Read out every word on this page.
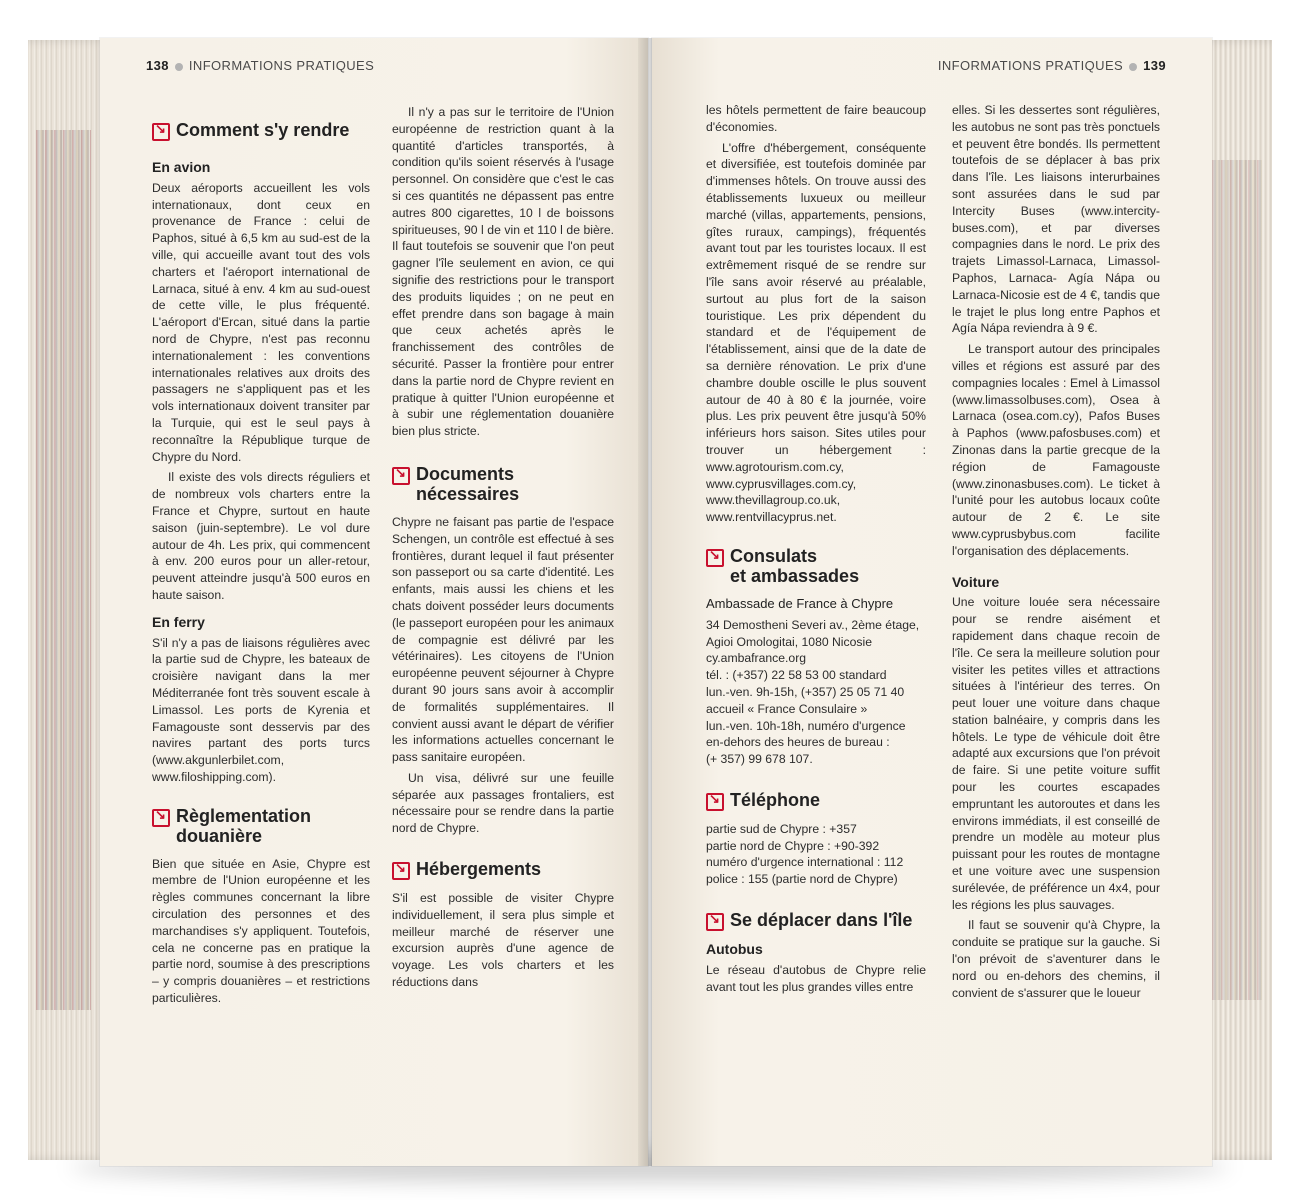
138 INFORMATIONS PRATIQUES
↘
Comment s'y rendre
En avion

Deux aéroports accueillent les vols internationaux, dont ceux en provenance de France : celui de Paphos, situé à 6,5 km au sud-est de la ville, qui accueille avant tout des vols charters et l'aéroport international de Larnaca, situé à env. 4 km au sud-ouest de cette ville, le plus fréquenté. L'aéroport d'Ercan, situé dans la partie nord de Chypre, n'est pas reconnu internationalement : les conventions internationales relatives aux droits des passagers ne s'appliquent pas et les vols internationaux doivent transiter par la Turquie, qui est le seul pays à reconnaître la République turque de Chypre du Nord.

Il existe des vols directs réguliers et de nombreux vols charters entre la France et Chypre, surtout en haute saison (juin-septembre). Le vol dure autour de 4h. Les prix, qui commencent à env. 200 euros pour un aller-retour, peuvent atteindre jusqu'à 500 euros en haute saison.

En ferry

S'il n'y a pas de liaisons régulières avec la partie sud de Chypre, les bateaux de croisière navigant dans la mer Méditerranée font très souvent escale à Limassol. Les ports de Kyrenia et Famagouste sont desservis par des navires partant des ports turcs (www.akgunlerbilet.com, www.filoshipping.com).

↘
Règlementation
douanière

Bien que située en Asie, Chypre est membre de l'Union européenne et les règles communes concernant la libre circulation des personnes et des marchandises s'y appliquent. Toutefois, cela ne concerne pas en pratique la partie nord, soumise à des prescriptions – y compris douanières – et restrictions particulières.

Il n'y a pas sur le territoire de l'Union européenne de restriction quant à la quantité d'articles transportés, à condition qu'ils soient réservés à l'usage personnel. On considère que c'est le cas si ces quantités ne dépassent pas entre autres 800 cigarettes, 10 l de boissons spiritueuses, 90 l de vin et 110 l de bière. Il faut toutefois se souvenir que l'on peut gagner l'île seulement en avion, ce qui signifie des restrictions pour le transport des produits liquides ; on ne peut en effet prendre dans son bagage à main que ceux achetés après le franchissement des contrôles de sécurité. Passer la frontière pour entrer dans la partie nord de Chypre revient en pratique à quitter l'Union européenne et à subir une réglementation douanière bien plus stricte.

↘
Documents nécessaires

Chypre ne faisant pas partie de l'espace Schengen, un contrôle est effectué à ses frontières, durant lequel il faut présenter son passeport ou sa carte d'identité. Les enfants, mais aussi les chiens et les chats doivent posséder leurs documents (le passeport européen pour les animaux de compagnie est délivré par les vétérinaires). Les citoyens de l'Union européenne peuvent séjourner à Chypre durant 90 jours sans avoir à accomplir de formalités supplémentaires. Il convient aussi avant le départ de vérifier les informations actuelles concernant le pass sanitaire européen.

Un visa, délivré sur une feuille séparée aux passages frontaliers, est nécessaire pour se rendre dans la partie nord de Chypre.

↘
Hébergements

S'il est possible de visiter Chypre individuellement, il sera plus simple et meilleur marché de réserver une excursion auprès d'une agence de voyage. Les vols charters et les réductions dans

INFORMATIONS PRATIQUES 139

les hôtels permettent de faire beaucoup d'économies.

L'offre d'hébergement, conséquente et diversifiée, est toutefois dominée par d'immenses hôtels. On trouve aussi des établissements luxueux ou meilleur marché (villas, appartements, pensions, gîtes ruraux, campings), fréquentés avant tout par les touristes locaux. Il est extrêmement risqué de se rendre sur l'île sans avoir réservé au préalable, surtout au plus fort de la saison touristique. Les prix dépendent du standard et de l'équipement de l'établissement, ainsi que de la date de sa dernière rénovation. Le prix d'une chambre double oscille le plus souvent autour de 40 à 80 € la journée, voire plus. Les prix peuvent être jusqu'à 50% inférieurs hors saison. Sites utiles pour trouver un hébergement : www.agrotourism.com.cy, www.cyprusvillages.com.cy, www.thevillagroup.co.uk, www.rentvillacyprus.net.

↘
Consulats
et ambassades

Ambassade de France à Chypre

34 Demostheni Severi av., 2ème étage,
Agioi Omologitai, 1080 Nicosie
cy.ambafrance.org
tél. : (+357) 22 58 53 00 standard
lun.-ven. 9h-15h, (+357) 25 05 71 40
accueil « France Consulaire »
lun.-ven. 10h-18h, numéro d'urgence
en-dehors des heures de bureau :
(+ 357) 99 678 107.
↘
Téléphone
partie sud de Chypre : +357
partie nord de Chypre : +90-392
numéro d'urgence international : 112
police : 155 (partie nord de Chypre)
↘
Se déplacer dans l'île
Autobus

Le réseau d'autobus de Chypre relie avant tout les plus grandes villes entre

elles. Si les dessertes sont régulières, les autobus ne sont pas très ponctuels et peuvent être bondés. Ils permettent toutefois de se déplacer à bas prix dans l'île. Les liaisons interurbaines sont assurées dans le sud par Intercity Buses (www.intercity-buses.com), et par diverses compagnies dans le nord. Le prix des trajets Limassol-Larnaca, Limassol-Paphos, Larnaca- Agía Nápa ou Larnaca-Nicosie est de 4 €, tandis que le trajet le plus long entre Paphos et Agía Nápa reviendra à 9 €.

Le transport autour des principales villes et régions est assuré par des compagnies locales : Emel à Limassol (www.limassolbuses.com), Osea à Larnaca (osea.com.cy), Pafos Buses à Paphos (www.pafosbuses.com) et Zinonas dans la partie grecque de la région de Famagouste (www.zinonasbuses.com). Le ticket à l'unité pour les autobus locaux coûte autour de 2 €. Le site www.cyprusbybus.com facilite l'organisation des déplacements.

Voiture

Une voiture louée sera nécessaire pour se rendre aisément et rapidement dans chaque recoin de l'île. Ce sera la meilleure solution pour visiter les petites villes et attractions situées à l'intérieur des terres. On peut louer une voiture dans chaque station balnéaire, y compris dans les hôtels. Le type de véhicule doit être adapté aux excursions que l'on prévoit de faire. Si une petite voiture suffit pour les courtes escapades empruntant les autoroutes et dans les environs immédiats, il est conseillé de prendre un modèle au moteur plus puissant pour les routes de montagne et une voiture avec une suspension surélevée, de préférence un 4x4, pour les régions les plus sauvages.

Il faut se souvenir qu'à Chypre, la conduite se pratique sur la gauche. Si l'on prévoit de s'aventurer dans le nord ou en-dehors des chemins, il convient de s'assurer que le loueur
